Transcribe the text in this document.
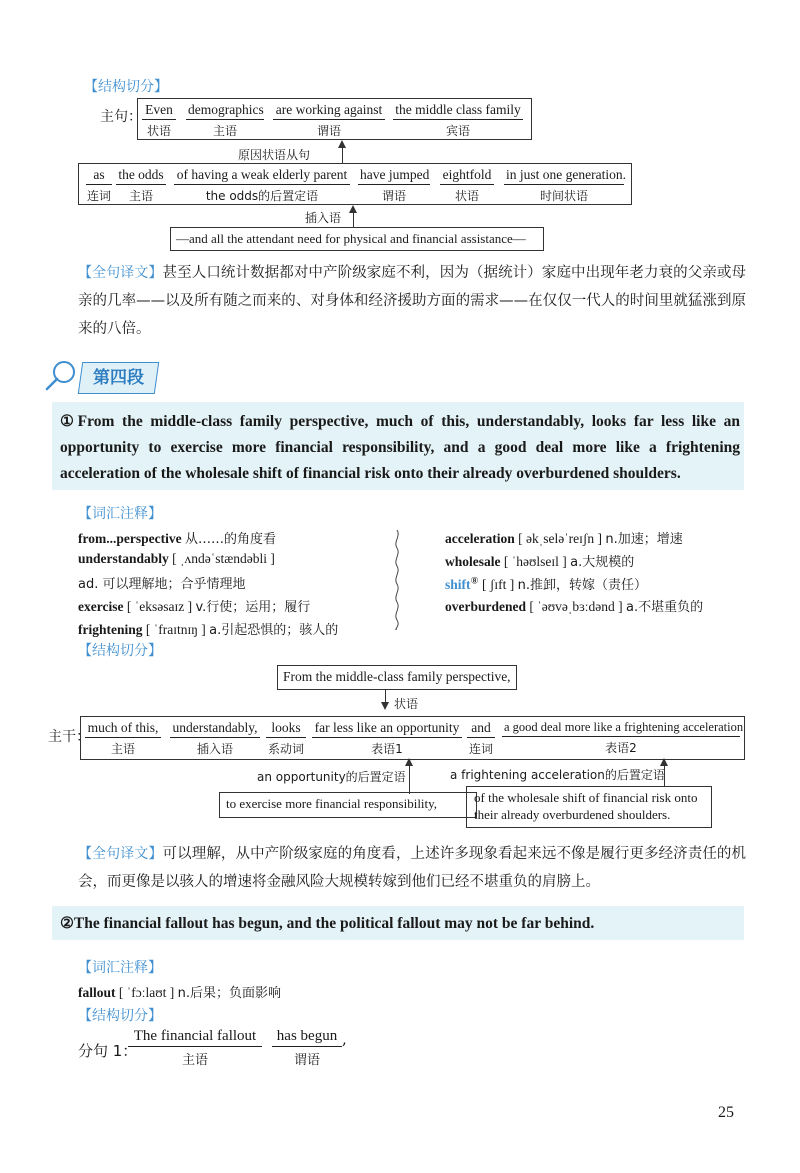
【结构切分】
主句： Even
状语
demographics
主语
are working against
谓语
the middle class family
宾语
原因状语从句
as
连词
the odds
主语
of having a weak elderly parent
the odds的后置定语
have jumped
谓语
eightfold
状语
in just one generation.
时间状语
插入语
—and all the attendant need for physical and financial assistance—
【全句译文】甚至人口统计数据都对中产阶级家庭不利，因为（据统计）家庭中出现年老力衰的父亲或母亲的几率——以及所有随之而来的、对身体和经济援助方面的需求——在仅仅一代人的时间里就猛涨到原来的八倍。
第四段
①From the middle-class family perspective, much of this, understandably, looks far less like an opportunity to exercise more financial responsibility, and a good deal more like a frightening acceleration of the wholesale shift of financial risk onto their already overburdened shoulders.
【词汇注释】
from...perspective 从……的角度看
understandably [ ˌʌndəˈstændəbli ]
ad. 可以理解地；合乎情理地
exercise [ ˈeksəsaɪz ] v.行使；运用；履行
frightening [ ˈfraɪtnɪŋ ] a.引起恐惧的；骇人的
acceleration [ əkˌseləˈreɪʃn ] n.加速；增速
wholesale [ ˈhəʊlseɪl ] a.大规模的
shift⑧ [ ʃɪft ] n.推卸，转嫁（责任）
overburdened [ ˈəʊvəˌbɜːdənd ] a.不堪重负的
【结构切分】
From the middle-class family perspective,
状语
主干：
much of this,
主语
understandably,
插入语
looks
系动词
far less like an opportunity
表语1
and
连词
a good deal more like a frightening acceleration
表语2
an opportunity的后置定语
to exercise more financial responsibility,
a frightening acceleration的后置定语
of the wholesale shift of financial risk onto their already overburdened shoulders.
【全句译文】可以理解，从中产阶级家庭的角度看，上述许多现象看起来远不像是履行更多经济责任的机会，而更像是以骇人的增速将金融风险大规模转嫁到他们已经不堪重负的肩膀上。
②The financial fallout has begun, and the political fallout may not be far behind.
【词汇注释】
fallout [ ˈfɔːlaʊt ] n.后果；负面影响
【结构切分】
分句 1：
The financial fallout
主语
has begun
谓语
,
25
